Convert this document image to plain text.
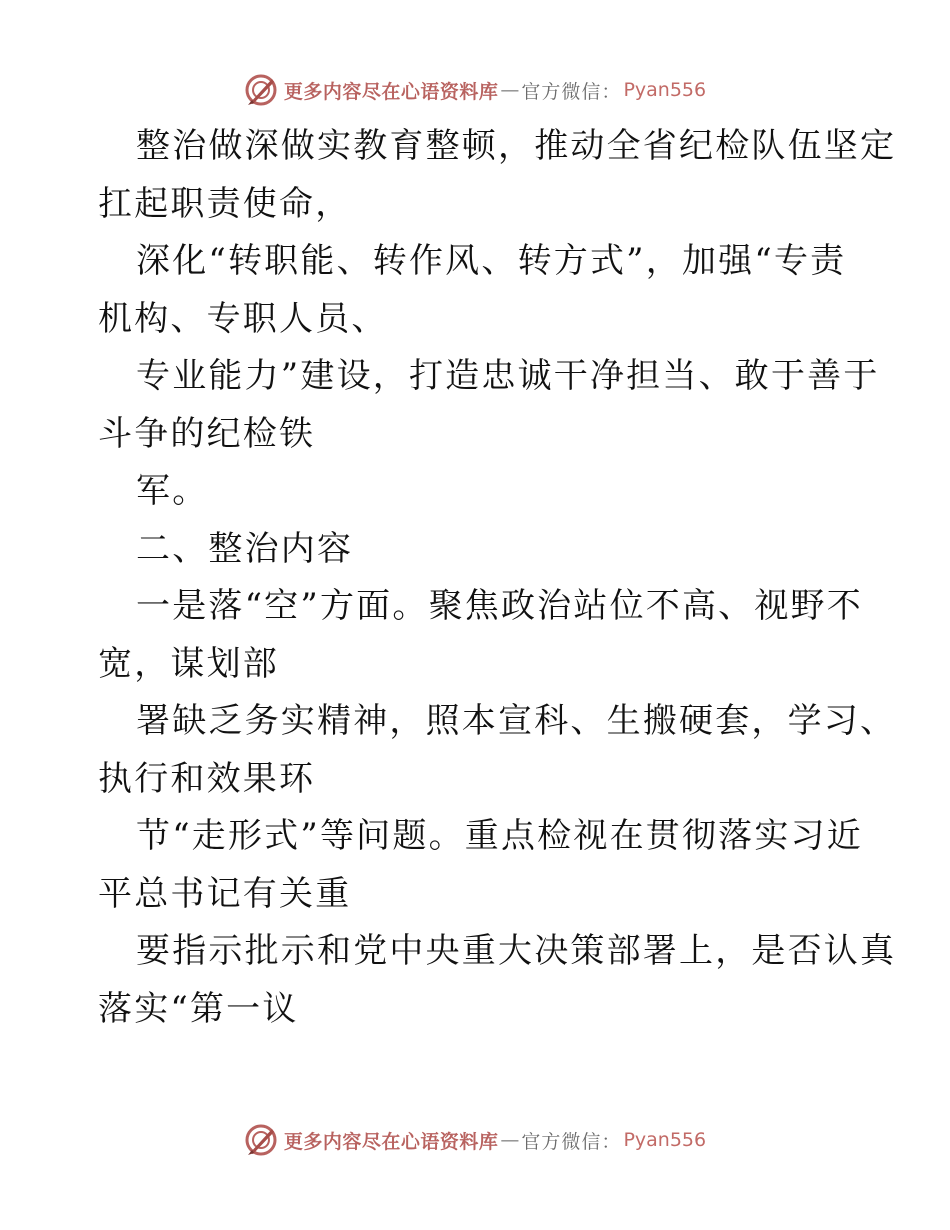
更多内容尽在心语资料库 — 官方微信： Pyan556
整治做深做实教育整顿，推动全省纪检队伍坚定
扛起职责使命，
深化“转职能、转作风、转方式”，加强“专责
机构、专职人员、
专业能力”建设，打造忠诚干净担当、敢于善于
斗争的纪检铁
军。
二、整治内容
一是落“空”方面。聚焦政治站位不高、视野不
宽，谋划部
署缺乏务实精神，照本宣科、生搬硬套，学习、
执行和效果环
节“走形式”等问题。重点检视在贯彻落实习近
平总书记有关重
要指示批示和党中央重大决策部署上，是否认真
落实“第一议
更多内容尽在心语资料库 — 官方微信： Pyan556
